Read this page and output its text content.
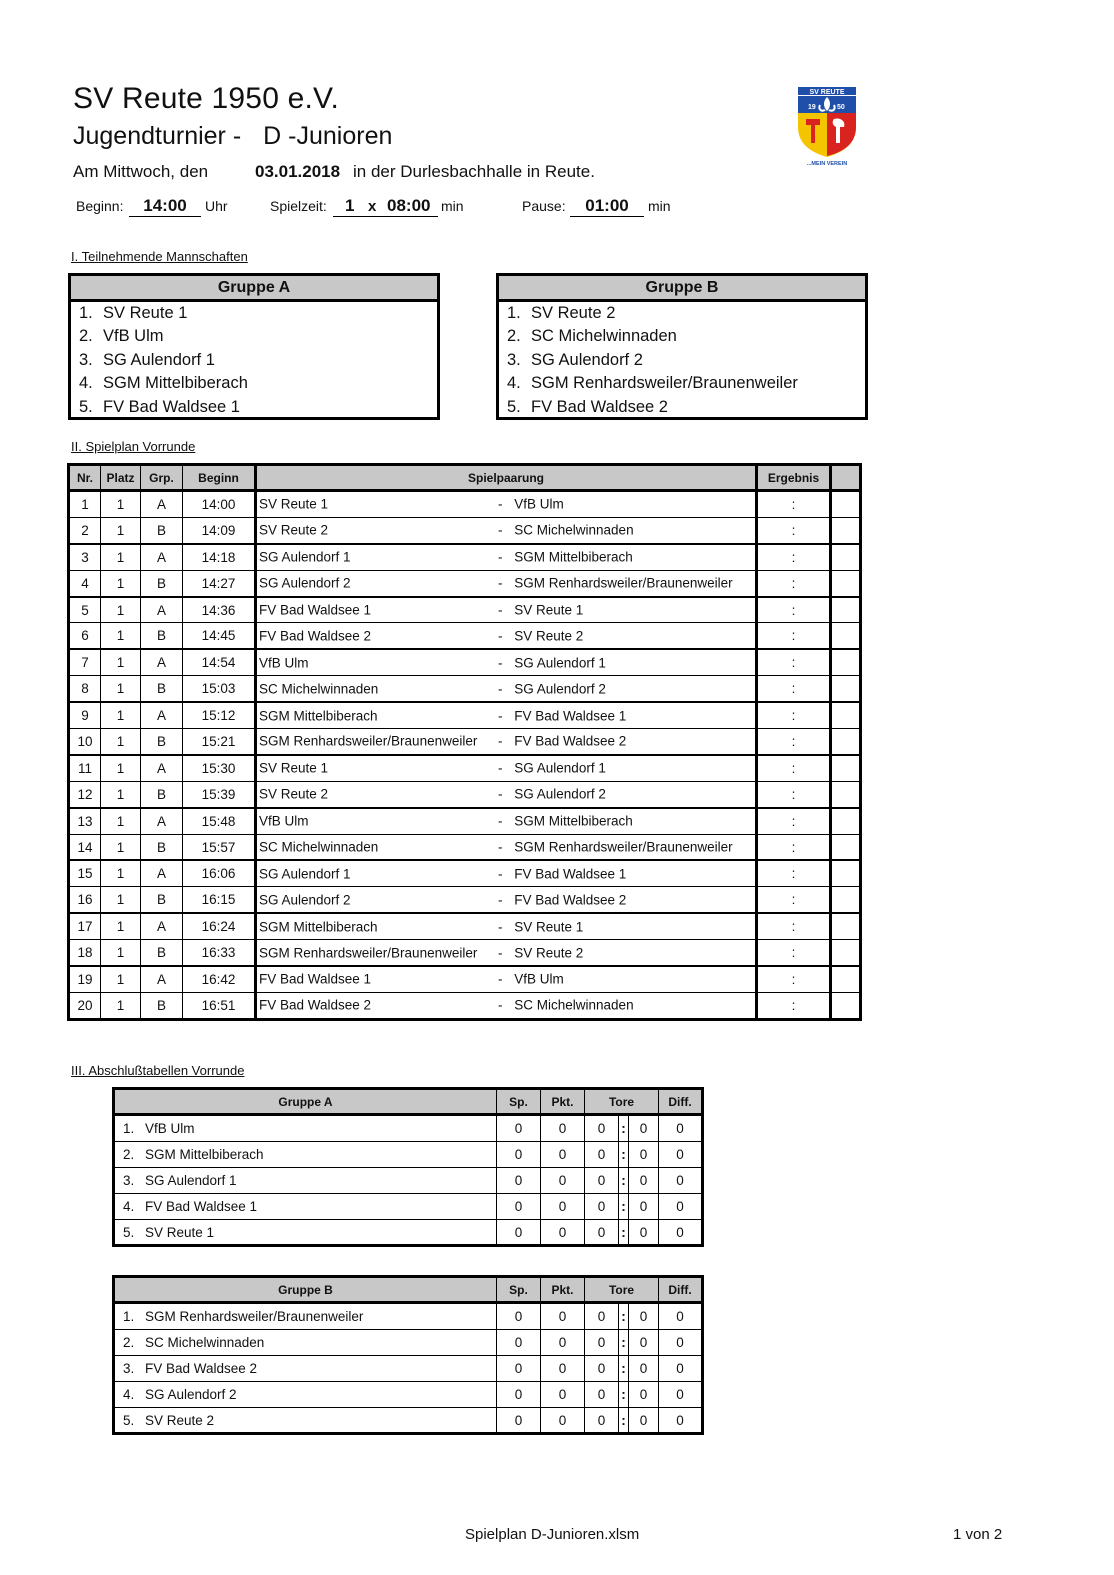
SV Reute 1950 e.V.
Jugendturnier - D -Junioren
Am Mittwoch, den	03.01.2018 in der Durlesbachhalle in Reute.
Beginn:	14:00	Uhr	Spielzeit: 1 x 08:00
min	Pause:	01:00	min
SV REUTE
19	50
...MEIN VEREIN
I. Teilnehmende Mannschaften
Gruppe A
1. SV Reute 1
2. VfB Ulm
3. SG Aulendorf 1
4. SGM Mittelbiberach
5. FV Bad Waldsee 1
Gruppe B
1. SV Reute 2
2. SC Michelwinnaden
3. SG Aulendorf 2
4. SGM Renhardsweiler/Braunenweiler
5. FV Bad Waldsee 2
II. Spielplan Vorrunde
Nr.	Platz	Grp.	Beginn	Spielpaarung	Ergebnis	
1	1	A	14:00	SV Reute 1 - VfB Ulm	:	
2	1	B	14:09	SV Reute 2 - SC Michelwinnaden	:	
3	1	A	14:18	SG Aulendorf 1 - SGM Mittelbiberach	:	
4	1	B	14:27	SG Aulendorf 2 - SGM Renhardsweiler/Braunenweiler	:	
5	1	A	14:36	FV Bad Waldsee 1 - SV Reute 1	:	
6	1	B	14:45	FV Bad Waldsee 2 - SV Reute 2	:	
7	1	A	14:54	VfB Ulm - SG Aulendorf 1	:	
8	1	B	15:03	SC Michelwinnaden - SG Aulendorf 2	:	
9	1	A	15:12	SGM Mittelbiberach - FV Bad Waldsee 1	:	
10	1	B	15:21	SGM Renhardsweiler/Braunenweiler - FV Bad Waldsee 2	:	
11	1	A	15:30	SV Reute 1 - SG Aulendorf 1	:	
12	1	B	15:39	SV Reute 2 - SG Aulendorf 2	:	
13	1	A	15:48	VfB Ulm - SGM Mittelbiberach	:	
14	1	B	15:57	SC Michelwinnaden - SGM Renhardsweiler/Braunenweiler	:	
15	1	A	16:06	SG Aulendorf 1 - FV Bad Waldsee 1	:	
16	1	B	16:15	SG Aulendorf 2 - FV Bad Waldsee 2	:	
17	1	A	16:24	SGM Mittelbiberach - SV Reute 1	:	
18	1	B	16:33	SGM Renhardsweiler/Braunenweiler - SV Reute 2	:	
19	1	A	16:42	FV Bad Waldsee 1 - VfB Ulm	:	
20	1	B	16:51	FV Bad Waldsee 2 - SC Michelwinnaden	:	
III. Abschlußtabellen Vorrunde
Gruppe A	Sp.	Pkt.	Tore			Diff.
1. VfB Ulm	0	0	0	:	0	0
2. SGM Mittelbiberach	0	0	0	:	0	0
3. SG Aulendorf 1	0	0	0	:	0	0
4. FV Bad Waldsee 1	0	0	0	:	0	0
5. SV Reute 1	0	0	0	:	0	0
Gruppe B	Sp.	Pkt.	Tore			Diff.
1. SGM Renhardsweiler/Braunenweiler	0	0	0	:	0	0
2. SC Michelwinnaden	0	0	0	:	0	0
3. FV Bad Waldsee 2	0	0	0	:	0	0
4. SG Aulendorf 2	0	0	0	:	0	0
5. SV Reute 2	0	0	0	:	0	0
Spielplan D-Junioren.xlsm	1 von 2
